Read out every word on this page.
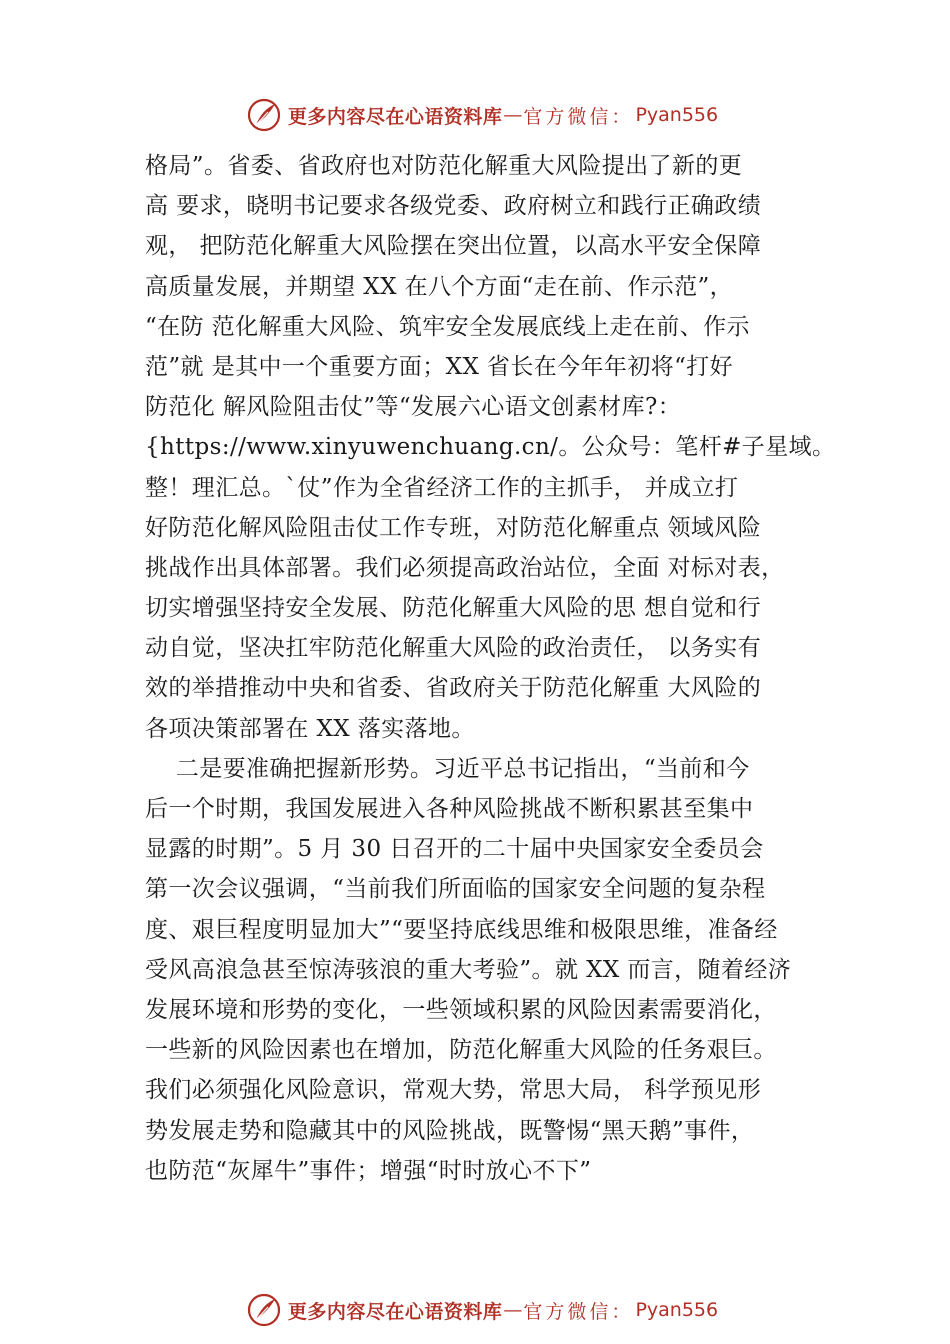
更多内容尽在心语资料库 — 官方微信： Pyan556
格局”。省委、省政府也对防范化解重大风险提出了新的更
高 要求，晓明书记要求各级党委、政府树立和践行正确政绩
观， 把防范化解重大风险摆在突出位置，以高水平安全保障
高质量发展，并期望 XX 在八个方面“走在前、作示范”，
“在防 范化解重大风险、筑牢安全发展底线上走在前、作示
范”就 是其中一个重要方面；XX 省长在今年年初将“打好
防范化 解风险阻击仗”等“发展六心语文创素材库?：
{https://www.xinyuwenchuang.cn/。公众号：笔杆#子星域。
整！理汇总。`仗”作为全省经济工作的主抓手， 并成立打
好防范化解风险阻击仗工作专班，对防范化解重点 领域风险
挑战作出具体部署。我们必须提高政治站位，全面 对标对表，
切实增强坚持安全发展、防范化解重大风险的思 想自觉和行
动自觉，坚决扛牢防范化解重大风险的政治责任， 以务实有
效的举措推动中央和省委、省政府关于防范化解重 大风险的
各项决策部署在 XX 落实落地。
二是要准确把握新形势。习近平总书记指出，“当前和今
后一个时期，我国发展进入各种风险挑战不断积累甚至集中
显露的时期”。5 月 30 日召开的二十届中央国家安全委员会
第一次会议强调，“当前我们所面临的国家安全问题的复杂程
度、艰巨程度明显加大”“要坚持底线思维和极限思维，准备经
受风高浪急甚至惊涛骇浪的重大考验”。就 XX 而言，随着经济
发展环境和形势的变化，一些领域积累的风险因素需要消化，
一些新的风险因素也在增加，防范化解重大风险的任务艰巨。
我们必须强化风险意识，常观大势，常思大局， 科学预见形
势发展走势和隐藏其中的风险挑战，既警惕“黑天鹅”事件，
也防范“灰犀牛”事件；增强“时时放心不下”
更多内容尽在心语资料库 — 官方微信： Pyan556
